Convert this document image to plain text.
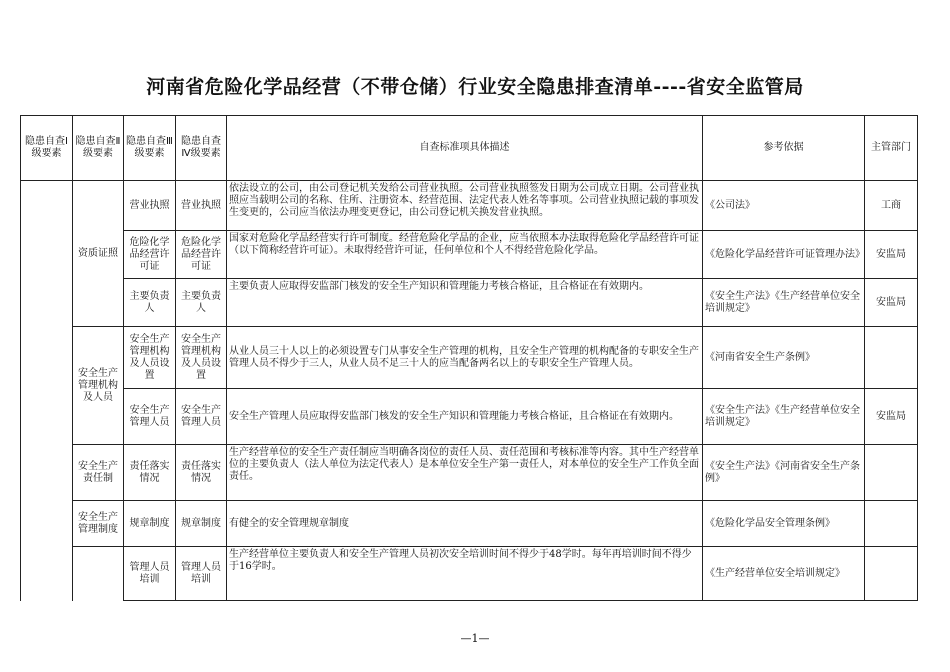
河南省危险化学品经营（不带仓储）行业安全隐患排查清单----省安全监管局
隐患自查Ⅰ级要素	隐患自查Ⅱ级要素	隐患自查Ⅲ级要素	隐患自查Ⅳ级要素	自查标准项具体描述	参考依据	主管部门
	资质证照	营业执照	营业执照	依法设立的公司，由公司登记机关发给公司营业执照。公司营业执照签发日期为公司成立日期。公司营业执照应当载明公司的名称、住所、注册资本、经营范围、法定代表人姓名等事项。公司营业执照记载的事项发生变更的，公司应当依法办理变更登记，由公司登记机关换发营业执照。	《公司法》	工商
		危险化学品经营许可证	危险化学品经营许可证	国家对危险化学品经营实行许可制度。经营危险化学品的企业，应当依照本办法取得危险化学品经营许可证（以下简称经营许可证）。未取得经营许可证，任何单位和个人不得经营危险化学品。	《危险化学品经营许可证管理办法》	安监局
		主要负责人	主要负责人	主要负责人应取得安监部门核发的安全生产知识和管理能力考核合格证，且合格证在有效期内。	《安全生产法》《生产经营单位安全培训规定》	安监局
	安全生产管理机构及人员	安全生产管理机构及人员设置	安全生产管理机构及人员设置	从业人员三十人以上的必须设置专门从事安全生产管理的机构，且安全生产管理的机构配备的专职安全生产管理人员不得少于三人，从业人员不足三十人的应当配备两名以上的专职安全生产管理人员。	《河南省安全生产条例》	
		安全生产管理人员	安全生产管理人员	安全生产管理人员应取得安监部门核发的安全生产知识和管理能力考核合格证，且合格证在有效期内。	《安全生产法》《生产经营单位安全培训规定》	安监局
	安全生产责任制	责任落实情况	责任落实情况	生产经营单位的安全生产责任制应当明确各岗位的责任人员、责任范围和考核标准等内容。其中生产经营单位的主要负责人（法人单位为法定代表人）是本单位安全生产第一责任人，对本单位的安全生产工作负全面责任。	《安全生产法》《河南省安全生产条例》	
	安全生产管理制度	规章制度	规章制度	有健全的安全管理规章制度	《危险化学品安全管理条例》	
		管理人员培训	管理人员培训	生产经营单位主要负责人和安全生产管理人员初次安全培训时间不得少于48学时。每年再培训时间不得少于16学时。	《生产经营单位安全培训规定》	
—1—
